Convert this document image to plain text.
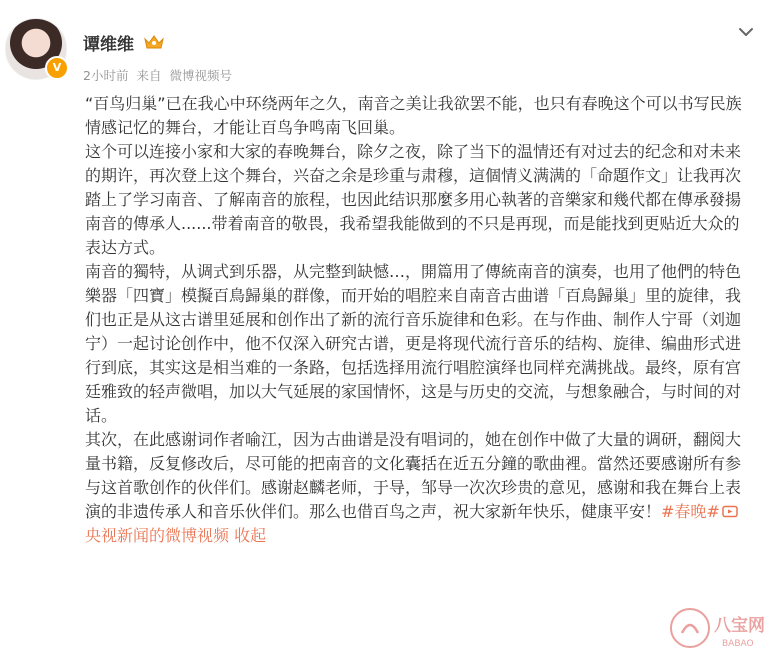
V
谭维维
2小时前 来自 微博视频号

“百鸟归巢”已在我心中环绕两年之久，南音之美让我欲罢不能，也只有春晚这个可以书写民族情感记忆的舞台，才能让百鸟争鸣南飞回巢。

这个可以连接小家和大家的春晚舞台，除夕之夜，除了当下的温情还有对过去的纪念和对未来的期许，再次登上这个舞台，兴奋之余是珍重与肃穆，這個情义满满的「命題作文」让我再次踏上了学习南音、了解南音的旅程，也因此结识那麼多用心執著的音樂家和幾代都在傳承發揚南音的傳承人......带着南音的敬畏，我希望我能做到的不只是再现，而是能找到更贴近大众的表达方式。

南音的獨特，从调式到乐器，从完整到缺憾…，開篇用了傳統南音的演奏，也用了他們的特色樂器「四寶」模擬百鳥歸巢的群像，而开始的唱腔来自南音古曲谱「百鳥歸巢」里的旋律，我们也正是从这古谱里延展和创作出了新的流行音乐旋律和色彩。在与作曲、制作人宁哥（刘迦宁）一起讨论创作中，他不仅深入研究古谱，更是将现代流行音乐的结构、旋律、编曲形式进行到底，其实这是相当难的一条路，包括选择用流行唱腔演绎也同样充满挑战。最终，原有宫廷雅致的轻声微唱，加以大气延展的家国情怀，这是与历史的交流，与想象融合，与时间的对话。

其次，在此感谢词作者喻江，因为古曲谱是没有唱词的，她在创作中做了大量的调研，翻阅大量书籍，反复修改后，尽可能的把南音的文化囊括在近五分鐘的歌曲裡。當然还要感谢所有参与这首歌创作的伙伴们。感谢赵麟老师，于导，邹导一次次珍贵的意见，感谢和我在舞台上表演的非遗传承人和音乐伙伴们。那么也借百鸟之声，祝大家新年快乐，健康平安！#春晚#央视新闻的微博视频 收起

八宝网
BABAO
